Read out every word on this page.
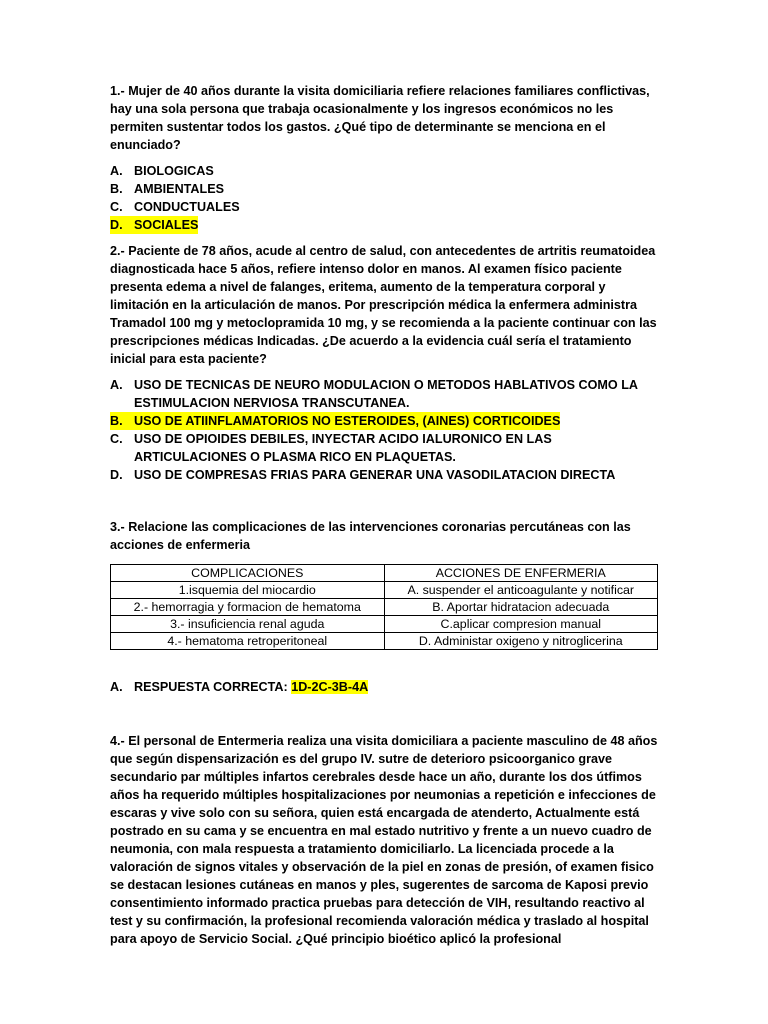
1.- Mujer de 40 años durante la visita domiciliaria refiere relaciones familiares conflictivas, hay una sola persona que trabaja ocasionalmente y los ingresos económicos no les permiten sustentar todos los gastos. ¿Qué tipo de determinante se menciona en el enunciado?

A. BIOLOGICAS
B. AMBIENTALES
C. CONDUCTUALES
D. SOCIALES

2.- Paciente de 78 años, acude al centro de salud, con antecedentes de artritis reumatoidea diagnosticada hace 5 años, refiere intenso dolor en manos. Al examen físico paciente presenta edema a nivel de falanges, eritema, aumento de la temperatura corporal y limitación en la articulación de manos. Por prescripción médica la enfermera administra Tramadol 100 mg y metoclopramida 10 mg, y se recomienda a la paciente continuar con las prescripciones médicas Indicadas. ¿De acuerdo a la evidencia cuál sería el tratamiento inicial para esta paciente?

A. USO DE TECNICAS DE NEURO MODULACION O METODOS HABLATIVOS COMO LA ESTIMULACION NERVIOSA TRANSCUTANEA.
B. USO DE ATIINFLAMATORIOS NO ESTEROIDES, (AINES) CORTICOIDES
C. USO DE OPIOIDES DEBILES, INYECTAR ACIDO IALURONICO EN LAS ARTICULACIONES O PLASMA RICO EN PLAQUETAS.
D. USO DE COMPRESAS FRIAS PARA GENERAR UNA VASODILATACION DIRECTA

3.- Relacione las complicaciones de las intervenciones coronarias percutáneas con las acciones de enfermeria

COMPLICACIONES	ACCIONES DE ENFERMERIA
1.isquemia del miocardio	A. suspender el anticoagulante y notificar
2.- hemorragia y formacion de hematoma	B. Aportar hidratacion adecuada
3.- insuficiencia renal aguda	C.aplicar compresion manual
4.- hematoma retroperitoneal	D. Administar oxigeno y nitroglicerina
A. RESPUESTA CORRECTA: 1D-2C-3B-4A

4.- El personal de Entermeria realiza una visita domiciliara a paciente masculino de 48 años que según dispensarización es del grupo IV. sutre de deterioro psicoorganico grave secundario par múltiples infartos cerebrales desde hace un año, durante los dos útfimos años ha requerido múltiples hospitalizaciones por neumonias a repetición e infecciones de escaras y vive solo con su señora, quien está encargada de atenderto, Actualmente está postrado en su cama y se encuentra en mal estado nutritivo y frente a un nuevo cuadro de neumonia, con mala respuesta a tratamiento domiciliarlo. La licenciada procede a la valoración de signos vitales y observación de la piel en zonas de presión, of examen fisico se destacan lesiones cutáneas en manos y ples, sugerentes de sarcoma de Kaposi previo consentimiento informado practica pruebas para detección de VIH, resultando reactivo al test y su confirmación, la profesional recomienda valoración médica y traslado al hospital para apoyo de Servicio Social. ¿Qué principio bioético aplicó la profesional
